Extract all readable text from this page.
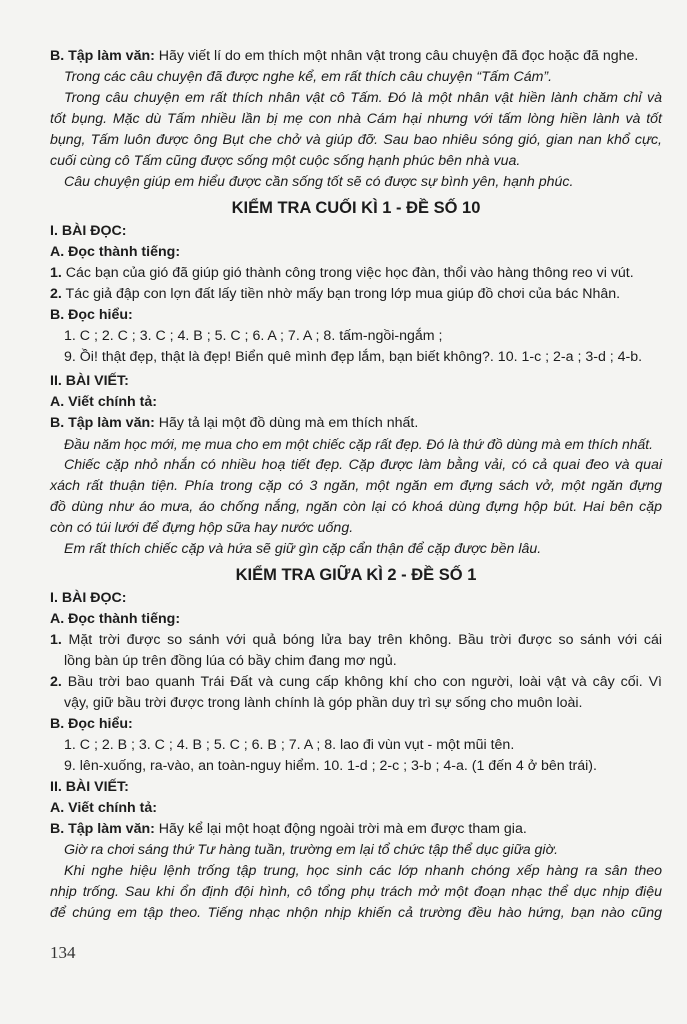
B. Tập làm văn: Hãy viết lí do em thích một nhân vật trong câu chuyện đã đọc hoặc đã nghe.
Trong các câu chuyện đã được nghe kể, em rất thích câu chuyện “Tấm Cám”.
Trong câu chuyện em rất thích nhân vật cô Tấm. Đó là một nhân vật hiền lành chăm chỉ và
tốt bụng. Mặc dù Tấm nhiều lần bị mẹ con nhà Cám hại nhưng với tấm lòng hiền lành và tốt
bụng, Tấm luôn được ông Bụt che chở và giúp đỡ. Sau bao nhiêu sóng gió, gian nan khổ cực,
cuối cùng cô Tấm cũng được sống một cuộc sống hạnh phúc bên nhà vua.
Câu chuyện giúp em hiểu được cần sống tốt sẽ có được sự bình yên, hạnh phúc.
KIỂM TRA CUỐI KÌ 1 - ĐỀ SỐ 10
I. BÀI ĐỌC:
A. Đọc thành tiếng:
1. Các bạn của gió đã giúp gió thành công trong việc học đàn, thổi vào hàng thông reo vi vút.
2. Tác giả đập con lợn đất lấy tiền nhờ mấy bạn trong lớp mua giúp đồ chơi của bác Nhân.
B. Đọc hiểu:
1. C ; 2. C ; 3. C ; 4. B ; 5. C ; 6. A ; 7. A ; 8. tấm-ngồi-ngắm ;
9. Ồi! thật đẹp, thật là đẹp! Biển quê mình đẹp lắm, bạn biết không?. 10. 1-c ; 2-a ; 3-d ; 4-b.
II. BÀI VIẾT:
A. Viết chính tả:
B. Tập làm văn: Hãy tả lại một đồ dùng mà em thích nhất.
Đầu năm học mới, mẹ mua cho em một chiếc cặp rất đẹp. Đó là thứ đồ dùng mà em thích nhất.
Chiếc cặp nhỏ nhắn có nhiều hoạ tiết đẹp. Cặp được làm bằng vải, có cả quai đeo và quai
xách rất thuận tiện. Phía trong cặp có 3 ngăn, một ngăn em đựng sách vở, một ngăn đựng
đồ dùng như áo mưa, áo chống nắng, ngăn còn lại có khoá dùng đựng hộp bút. Hai bên cặp
còn có túi lưới để đựng hộp sữa hay nước uống.
Em rất thích chiếc cặp và hứa sẽ giữ gìn cặp cẩn thận để cặp được bền lâu.
KIỂM TRA GIỮA KÌ 2 - ĐỀ SỐ 1
I. BÀI ĐỌC:
A. Đọc thành tiếng:
1. Mặt trời được so sánh với quả bóng lửa bay trên không. Bầu trời được so sánh với cái
lồng bàn úp trên đồng lúa có bầy chim đang mơ ngủ.
2. Bầu trời bao quanh Trái Đất và cung cấp không khí cho con người, loài vật và cây cối. Vì
vậy, giữ bầu trời được trong lành chính là góp phần duy trì sự sống cho muôn loài.
B. Đọc hiểu:
1. C ; 2. B ; 3. C ; 4. B ; 5. C ; 6. B ; 7. A ; 8. lao đi vùn vụt - một mũi tên.
9. lên-xuống, ra-vào, an toàn-nguy hiểm. 10. 1-d ; 2-c ; 3-b ; 4-a. (1 đến 4 ở bên trái).
II. BÀI VIẾT:
A. Viết chính tả:
B. Tập làm văn: Hãy kể lại một hoạt động ngoài trời mà em được tham gia.
Giờ ra chơi sáng thứ Tư hàng tuần, trường em lại tổ chức tập thể dục giữa giờ.
Khi nghe hiệu lệnh trống tập trung, học sinh các lớp nhanh chóng xếp hàng ra sân theo
nhịp trống. Sau khi ổn định đội hình, cô tổng phụ trách mở một đoạn nhạc thể dục nhịp điệu
để chúng em tập theo. Tiếng nhạc nhộn nhịp khiến cả trường đều hào hứng, bạn nào cũng
134
